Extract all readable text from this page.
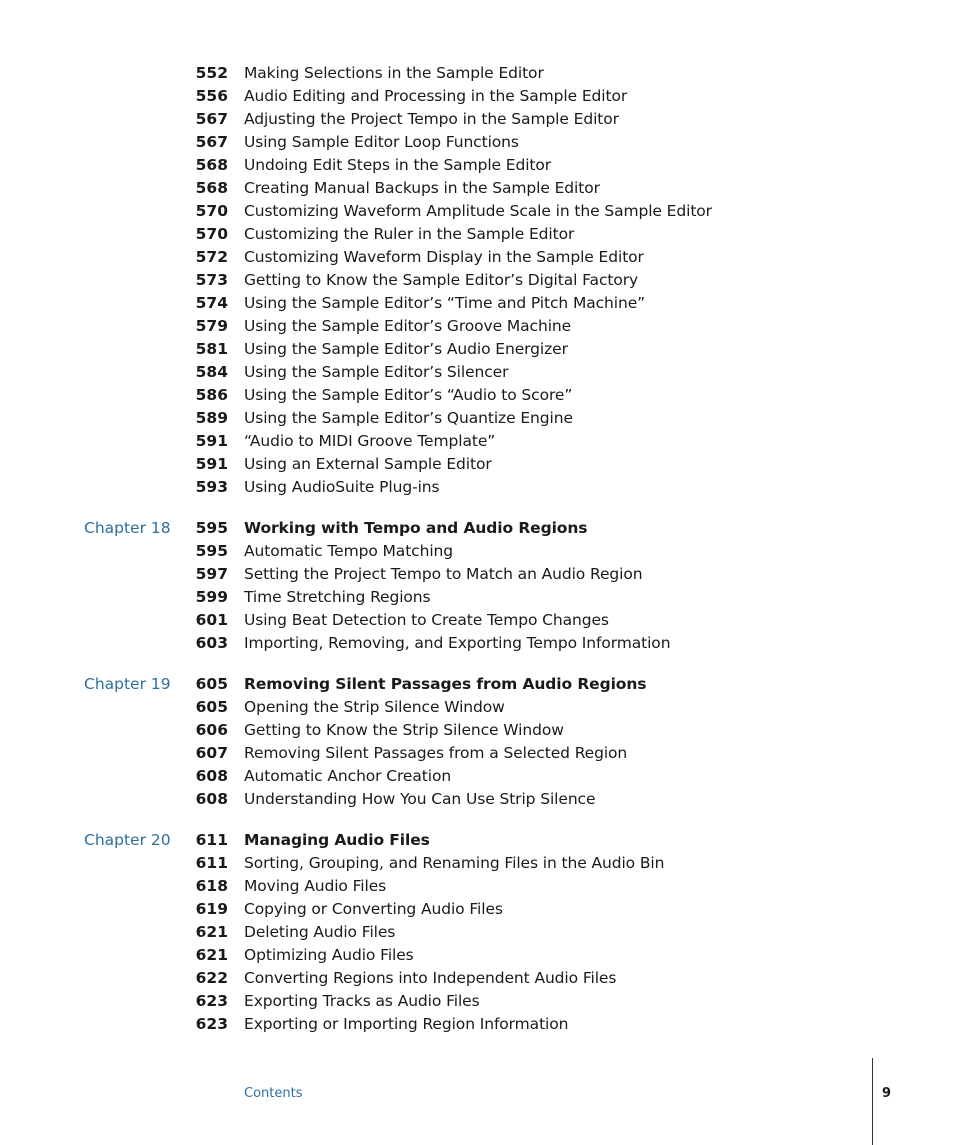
552 Making Selections in the Sample Editor
556 Audio Editing and Processing in the Sample Editor
567 Adjusting the Project Tempo in the Sample Editor
567 Using Sample Editor Loop Functions
568 Undoing Edit Steps in the Sample Editor
568 Creating Manual Backups in the Sample Editor
570 Customizing Waveform Amplitude Scale in the Sample Editor
570 Customizing the Ruler in the Sample Editor
572 Customizing Waveform Display in the Sample Editor
573 Getting to Know the Sample Editor’s Digital Factory
574 Using the Sample Editor’s “Time and Pitch Machine”
579 Using the Sample Editor’s Groove Machine
581 Using the Sample Editor’s Audio Energizer
584 Using the Sample Editor’s Silencer
586 Using the Sample Editor’s “Audio to Score”
589 Using the Sample Editor’s Quantize Engine
591 “Audio to MIDI Groove Template”
591 Using an External Sample Editor
593 Using AudioSuite Plug-ins
Chapter 18	595 Working with Tempo and Audio Regions
595 Automatic Tempo Matching
597 Setting the Project Tempo to Match an Audio Region
599 Time Stretching Regions
601 Using Beat Detection to Create Tempo Changes
603 Importing, Removing, and Exporting Tempo Information
Chapter 19	605 Removing Silent Passages from Audio Regions
605 Opening the Strip Silence Window
606 Getting to Know the Strip Silence Window
607 Removing Silent Passages from a Selected Region
608 Automatic Anchor Creation
608 Understanding How You Can Use Strip Silence
Chapter 20	611 Managing Audio Files
611 Sorting, Grouping, and Renaming Files in the Audio Bin
618 Moving Audio Files
619 Copying or Converting Audio Files
621 Deleting Audio Files
621 Optimizing Audio Files
622 Converting Regions into Independent Audio Files
623 Exporting Tracks as Audio Files
623 Exporting or Importing Region Information
Contents	9
